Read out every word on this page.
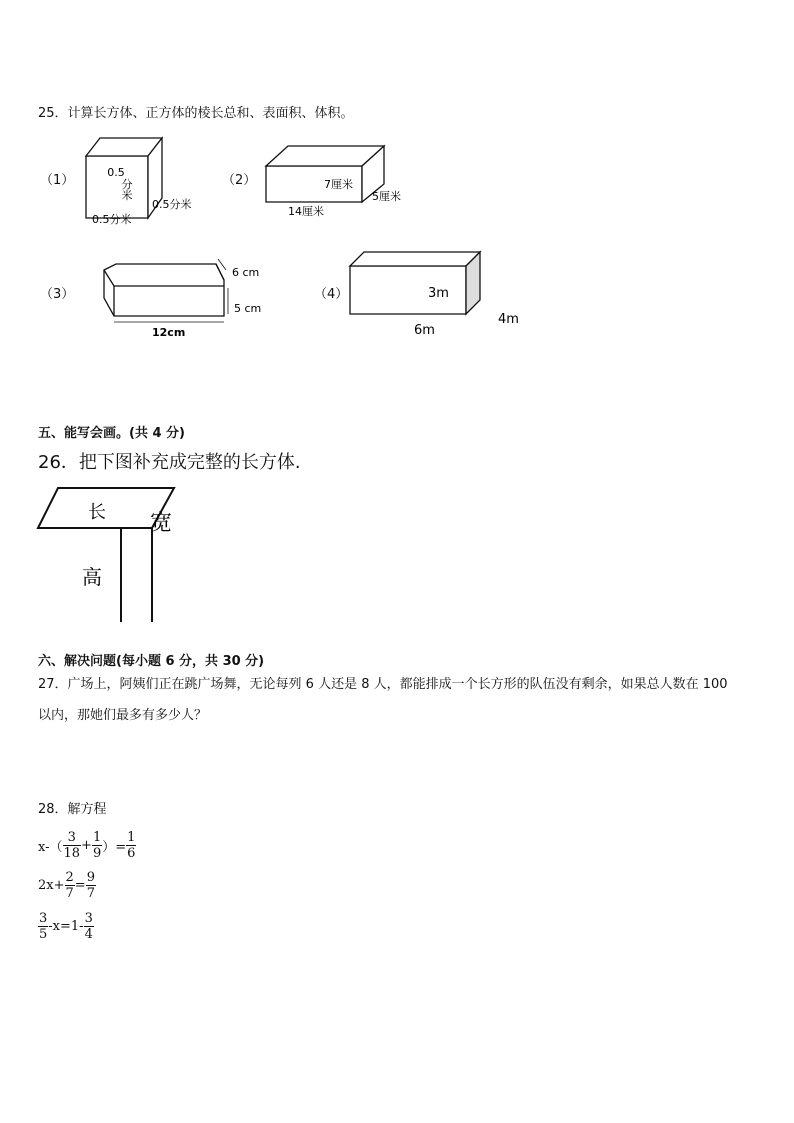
25．计算长方体、正方体的棱长总和、表面积、体积。
（1）
0.5
分
米
0.5分米
0.5分米
（2）	7厘米
5厘米
14厘米
（3）
6 cm
5 cm
12cm
（4）	3m
6m
4m
五、能写会画。(共 4 分)
26．把下图补充成完整的长方体.
长 宽
高
六、解决问题(每小题 6 分，共 30 分)
27．广场上，阿姨们正在跳广场舞，无论每列 6 人还是 8 人，都能排成一个长方形的队伍没有剩余，如果总人数在 100
以内，那她们最多有多少人？
28．解方程
$x-( \frac{3}{18} + \frac{1}{9}$ ）= $\frac{1}{6}$
$2x+ \frac{2}{7} = \frac{9}{7}$
$\frac{3}{5} -x=1- \frac{3}{4}$
